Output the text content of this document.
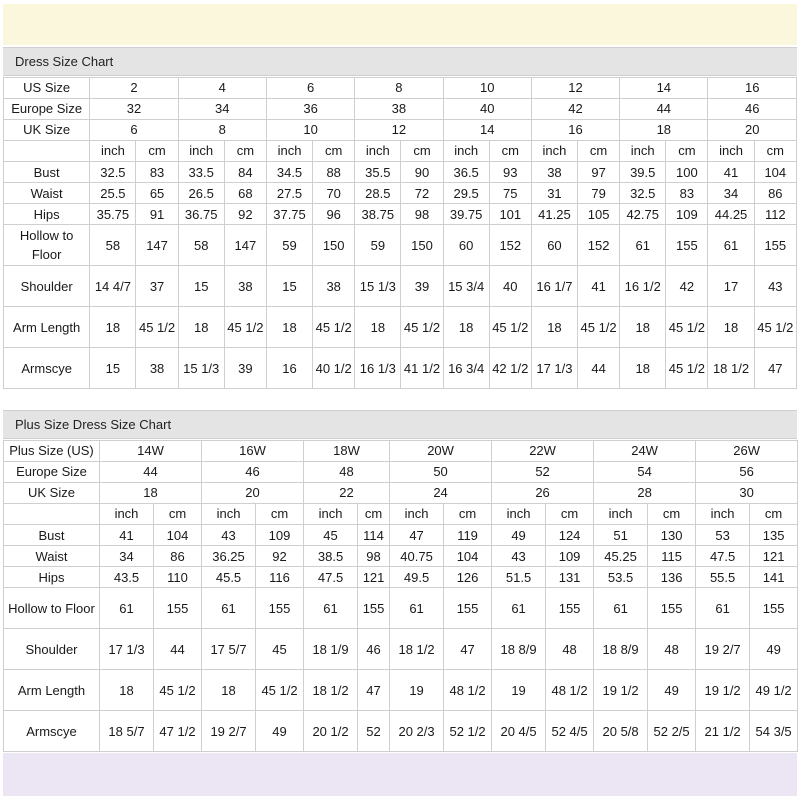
Dress Size Chart
US Size	2		4		6		8		10		12		14		16	
Europe Size	32		34		36		38		40		42		44		46	
UK Size	6		8		10		12		14		16		18		20	
	inch	cm	inch	cm	inch	cm	inch	cm	inch	cm	inch	cm	inch	cm	inch	cm
Bust	32.5	83	33.5	84	34.5	88	35.5	90	36.5	93	38	97	39.5	100	41	104
Waist	25.5	65	26.5	68	27.5	70	28.5	72	29.5	75	31	79	32.5	83	34	86
Hips	35.75	91	36.75	92	37.75	96	38.75	98	39.75	101	41.25	105	42.75	109	44.25	112
Hollow to Floor	58	147	58	147	59	150	59	150	60	152	60	152	61	155	61	155
Shoulder	14 4/7	37	15	38	15	38	15 1/3	39	15 3/4	40	16 1/7	41	16 1/2	42	17	43
Arm Length	18	45 1/2	18	45 1/2	18	45 1/2	18	45 1/2	18	45 1/2	18	45 1/2	18	45 1/2	18	45 1/2
Armscye	15	38	15 1/3	39	16	40 1/2	16 1/3	41 1/2	16 3/4	42 1/2	17 1/3	44	18	45 1/2	18 1/2	47
Plus Size Dress Size Chart
Plus Size (US)	14W		16W		18W		20W		22W		24W		26W	
Europe Size	44		46		48		50		52		54		56	
UK Size	18		20		22		24		26		28		30	
	inch	cm	inch	cm	inch	cm	inch	cm	inch	cm	inch	cm	inch	cm
Bust	41	104	43	109	45	114	47	119	49	124	51	130	53	135
Waist	34	86	36.25	92	38.5	98	40.75	104	43	109	45.25	115	47.5	121
Hips	43.5	110	45.5	116	47.5	121	49.5	126	51.5	131	53.5	136	55.5	141
Hollow to Floor	61	155	61	155	61	155	61	155	61	155	61	155	61	155
Shoulder	17 1/3	44	17 5/7	45	18 1/9	46	18 1/2	47	18 8/9	48	18 8/9	48	19 2/7	49
Arm Length	18	45 1/2	18	45 1/2	18 1/2	47	19	48 1/2	19	48 1/2	19 1/2	49	19 1/2	49 1/2
Armscye	18 5/7	47 1/2	19 2/7	49	20 1/2	52	20 2/3	52 1/2	20 4/5	52 4/5	20 5/8	52 2/5	21 1/2	54 3/5
